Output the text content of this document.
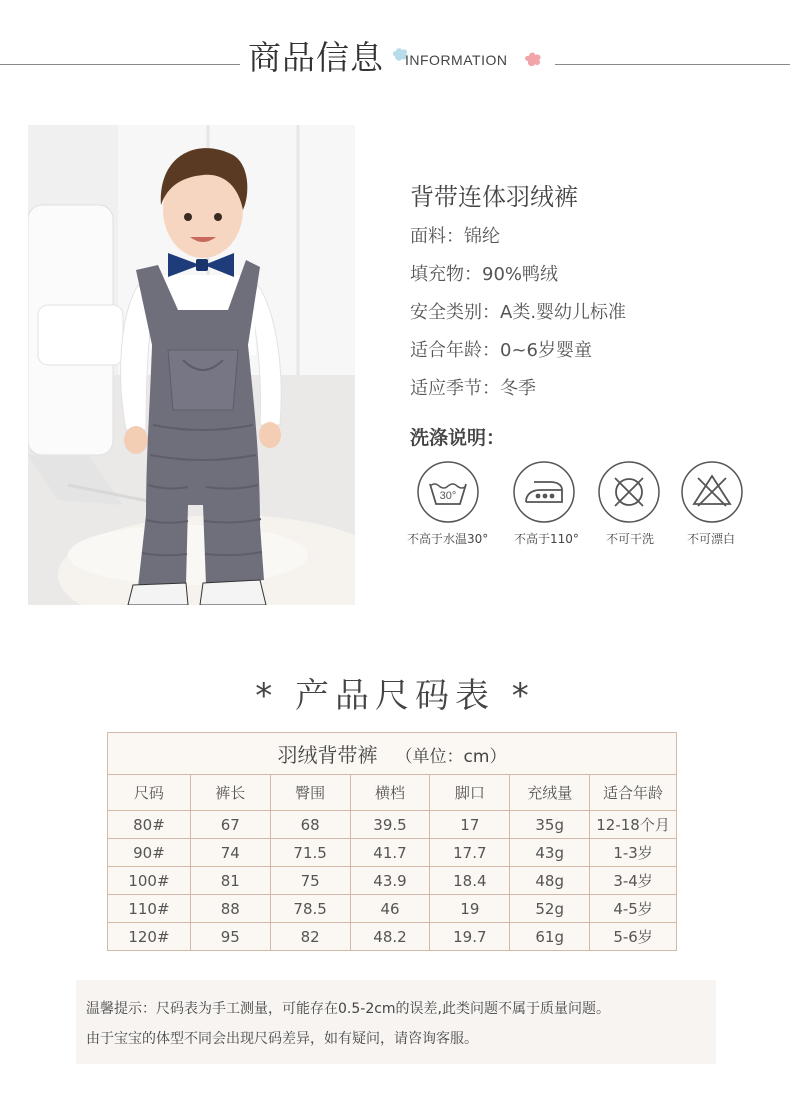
商品信息 INFORMATION
背带连体羽绒裤
面料：锦纶
填充物：90%鸭绒
安全类别：A类.婴幼儿标准
适合年龄：0~6岁婴童
适应季节：冬季
洗涤说明：
30°
不高于水温30° 不高于110° 不可干洗	不可漂白
* 产品尺码表 *
羽绒背带裤 （单位：cm）						
尺码	裤长	臀围	横档	脚口	充绒量	适合年龄
80#	67	68	39.5	17	35g	12-18个月
90#	74	71.5	41.7	17.7	43g	1-3岁
100#	81	75	43.9	18.4	48g	3-4岁
110#	88	78.5	46	19	52g	4-5岁
120#	95	82	48.2	19.7	61g	5-6岁

温馨提示：尺码表为手工测量，可能存在0.5-2cm的误差,此类问题不属于质量问题。

由于宝宝的体型不同会出现尺码差异，如有疑问，请咨询客服。
